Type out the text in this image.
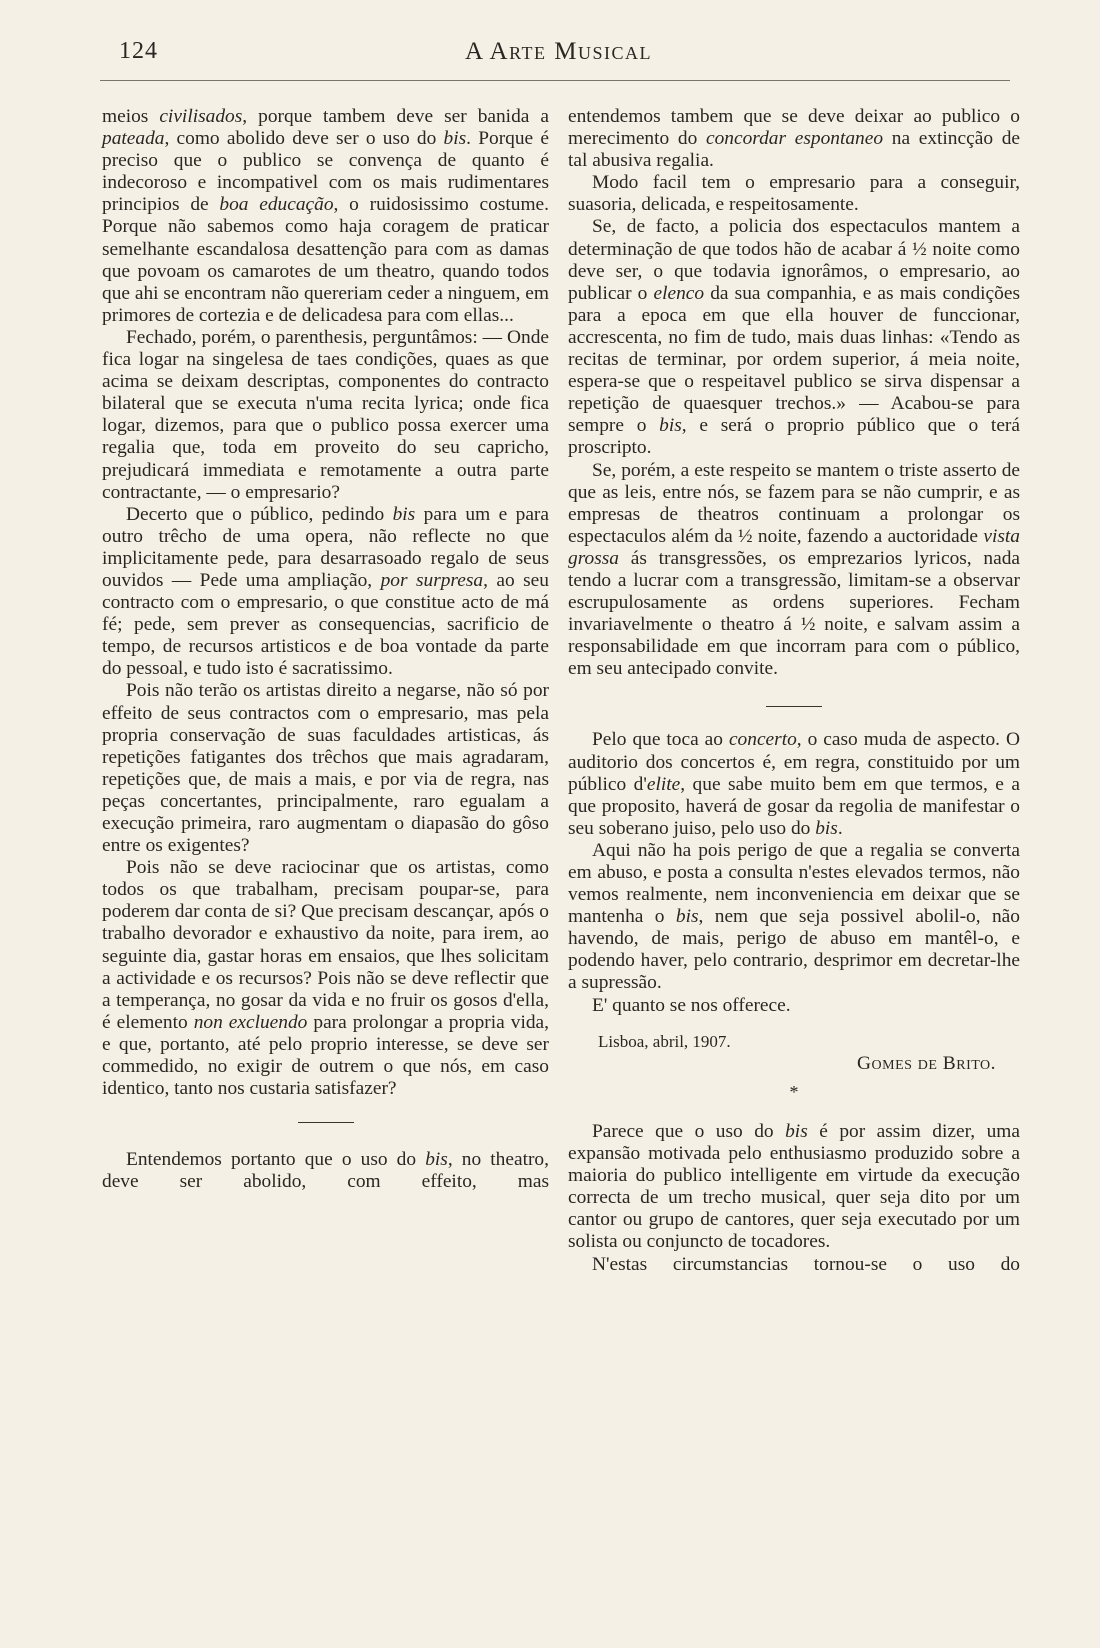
124	A Arte Musical

meios civilisados, porque tambem deve ser banida a pateada, como abolido deve ser o uso do bis. Porque é preciso que o publico se convença de quanto é indecoroso e incompativel com os mais rudimentares principios de boa educação, o ruidosissimo costume. Porque não sabemos como haja coragem de praticar semelhante escandalosa desattenção para com as damas que povoam os camarotes de um theatro, quando todos que ahi se encontram não quereriam ceder a ninguem, em primores de cortezia e de delicadesa para com ellas...

Fechado, porém, o parenthesis, perguntâmos: — Onde fica logar na singelesa de taes condições, quaes as que acima se deixam descriptas, componentes do contracto bilateral que se executa n'uma recita lyrica; onde fica logar, dizemos, para que o publico possa exercer uma regalia que, toda em proveito do seu capricho, prejudicará immediata e remotamente a outra parte contractante, — o empresario?

Decerto que o público, pedindo bis para um e para outro trêcho de uma opera, não reflecte no que implicitamente pede, para desarrasoado regalo de seus ouvidos — Pede uma ampliação, por surpresa, ao seu contracto com o empresario, o que constitue acto de má fé; pede, sem prever as consequencias, sacrificio de tempo, de recursos artisticos e de boa vontade da parte do pessoal, e tudo isto é sacratissimo.

Pois não terão os artistas direito a negarse, não só por effeito de seus contractos com o empresario, mas pela propria conservação de suas faculdades artisticas, ás repetições fatigantes dos trêchos que mais agradaram, repetições que, de mais a mais, e por via de regra, nas peças concertantes, principalmente, raro egualam a execução primeira, raro augmentam o diapasão do gôso entre os exigentes?

Pois não se deve raciocinar que os artistas, como todos os que trabalham, precisam poupar-se, para poderem dar conta de si? Que precisam descançar, após o trabalho devorador e exhaustivo da noite, para irem, ao seguinte dia, gastar horas em ensaios, que lhes solicitam a actividade e os recursos? Pois não se deve reflectir que a temperança, no gosar da vida e no fruir os gosos d'ella, é elemento non excluendo para prolongar a propria vida, e que, portanto, até pelo proprio interesse, se deve ser commedido, no exigir de outrem o que nós, em caso identico, tanto nos custaria satisfazer?

Entendemos portanto que o uso do bis, no theatro, deve ser abolido, com effeito, mas

entendemos tambem que se deve deixar ao publico o merecimento do concordar espontaneo na extincção de tal abusiva regalia.

Modo facil tem o empresario para a conseguir, suasoria, delicada, e respeitosamente.

Se, de facto, a policia dos espectaculos mantem a determinação de que todos hão de acabar á ½ noite como deve ser, o que todavia ignorâmos, o empresario, ao publicar o elenco da sua companhia, e as mais condições para a epoca em que ella houver de funccionar, accrescenta, no fim de tudo, mais duas linhas: «Tendo as recitas de terminar, por ordem superior, á meia noite, espera-se que o respeitavel publico se sirva dispensar a repetição de quaesquer trechos.» — Acabou-se para sempre o bis, e será o proprio público que o terá proscripto.

Se, porém, a este respeito se mantem o triste asserto de que as leis, entre nós, se fazem para se não cumprir, e as empresas de theatros continuam a prolongar os espectaculos além da ½ noite, fazendo a auctoridade vista grossa ás transgressões, os emprezarios lyricos, nada tendo a lucrar com a transgressão, limitam-se a observar escrupulosamente as ordens superiores. Fecham invariavelmente o theatro á ½ noite, e salvam assim a responsabilidade em que incorram para com o público, em seu antecipado convite.

Pelo que toca ao concerto, o caso muda de aspecto. O auditorio dos concertos é, em regra, constituido por um público d'elite, que sabe muito bem em que termos, e a que proposito, haverá de gosar da regolia de manifestar o seu soberano juiso, pelo uso do bis.

Aqui não ha pois perigo de que a regalia se converta em abuso, e posta a consulta n'estes elevados termos, não vemos realmente, nem inconveniencia em deixar que se mantenha o bis, nem que seja possivel abolil-o, não havendo, de mais, perigo de abuso em mantêl-o, e podendo haver, pelo contrario, desprimor em decretar-lhe a supressão.

E' quanto se nos offerece.

Lisboa, abril, 1907.

Gomes de Brito.

*

Parece que o uso do bis é por assim dizer, uma expansão motivada pelo enthusiasmo produzido sobre a maioria do publico intelligente em virtude da execução correcta de um trecho musical, quer seja dito por um cantor ou grupo de cantores, quer seja executado por um solista ou conjuncto de tocadores.

N'estas circumstancias tornou-se o uso do
